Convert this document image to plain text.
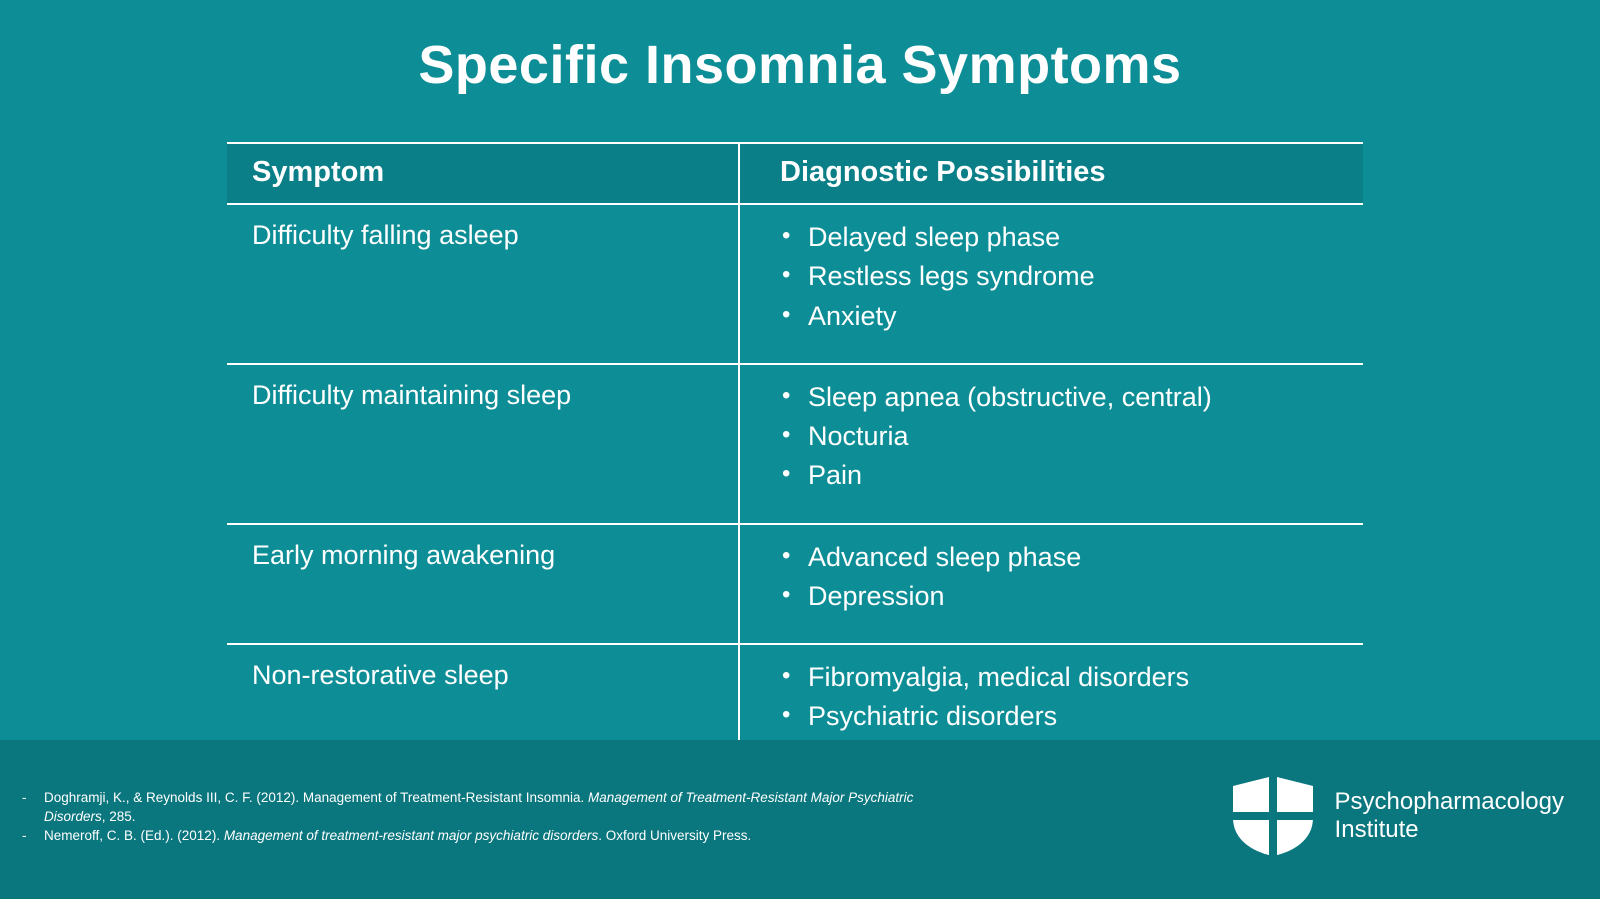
Specific Insomnia Symptoms
Symptom	Diagnostic Possibilities
Difficulty falling asleep	
•Delayed sleep phase
• Restless legs syndrome
• Anxiety

Difficulty maintaining sleep	
•Sleep apnea (obstructive, central)
• Nocturia
• Pain

Early morning awakening	
•Advanced sleep phase
• Depression

Non-restorative sleep	
•Fibromyalgia, medical disorders
• Psychiatric disorders
•
-	Doghramji, K., & Reynolds III, C. F. (2012). Management of Treatment-Resistant Insomnia. Management of Treatment-Resistant Major Psychiatric Disorders, 285.
-	Nemeroff, C. B. (Ed.). (2012). Management of treatment-resistant major psychiatric disorders. Oxford University Press.
Psychopharmacology
Institute
